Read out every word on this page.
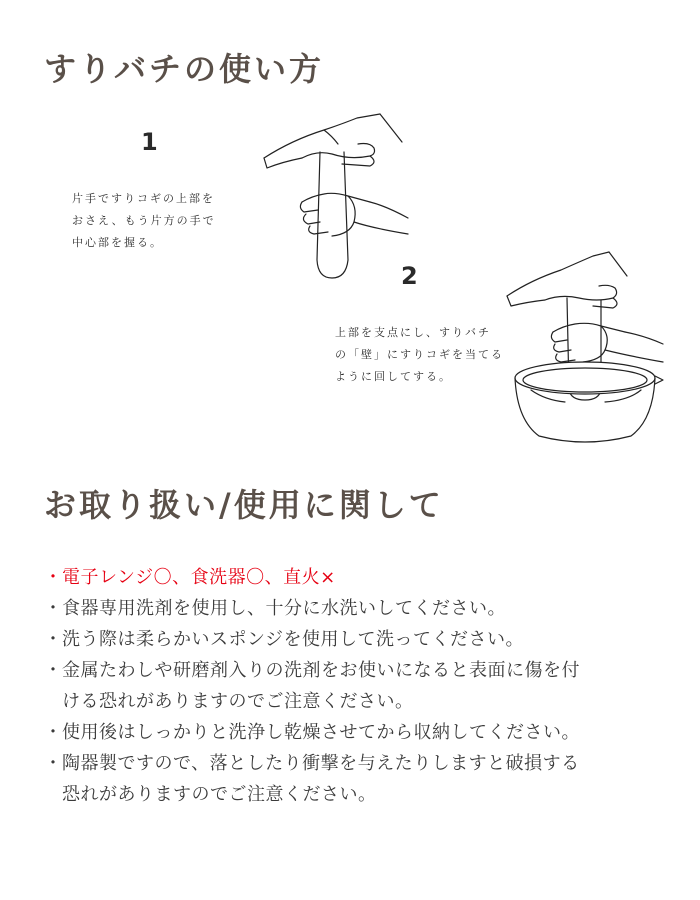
すりバチの使い方
1

片手ですりコギの上部を
おさえ、もう片方の手で
中心部を握る。

2

上部を支点にし、すりバチ
の「壁」にすりコギを当てる
ように回してする。

お取り扱い/使用に関して
・ 電子レンジ〇、食洗器〇、直火×
・ 食器専用洗剤を使用し、十分に水洗いしてください。
・ 洗う際は柔らかいスポンジを使用して洗ってください。
・ 金属たわしや研磨剤入りの洗剤をお使いになると表面に傷を付
ける恐れがありますのでご注意ください。
・ 使用後はしっかりと洗浄し乾燥させてから収納してください。
・ 陶器製ですので、落としたり衝撃を与えたりしますと破損する
恐れがありますのでご注意ください。
